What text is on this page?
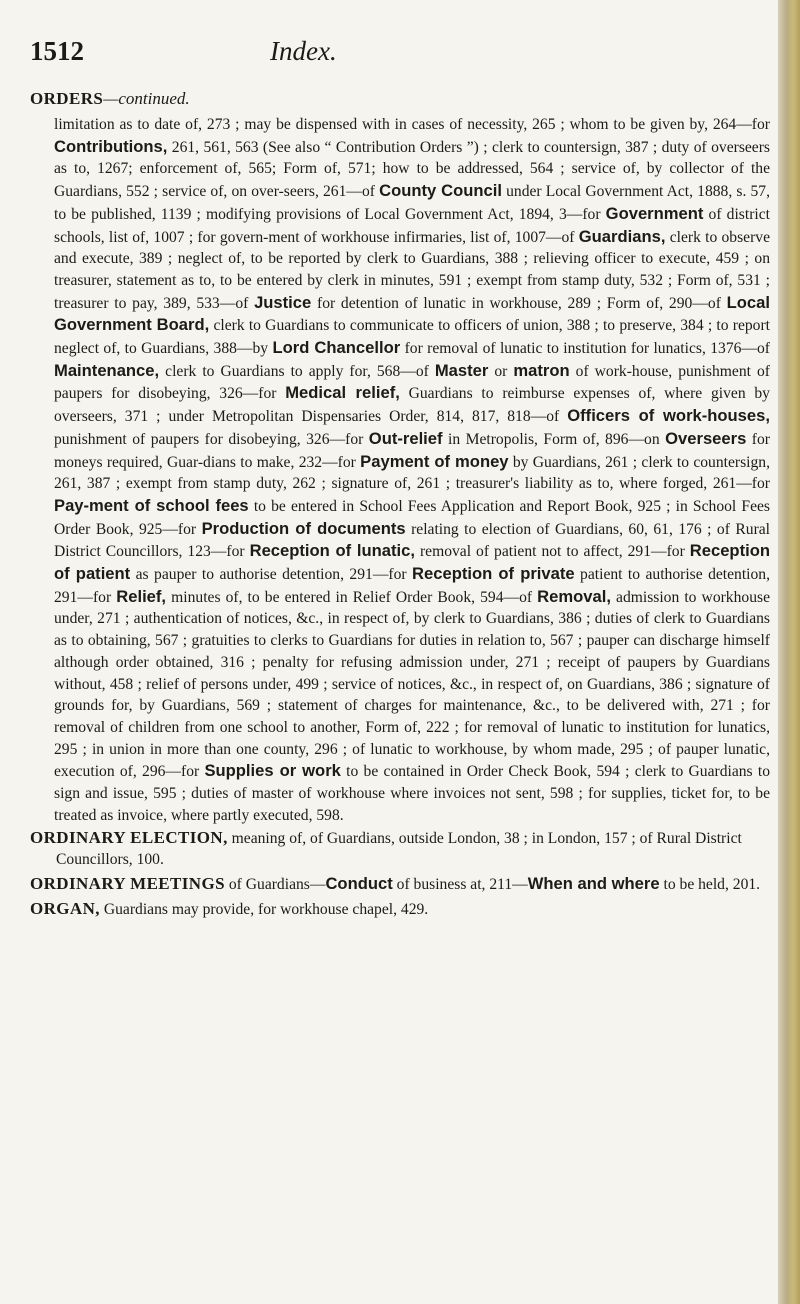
1512	Index.
ORDERS—continued.

limitation as to date of, 273 ; may be dispensed with in cases of necessity, 265 ; whom to be given by, 264—for Contributions, 261, 561, 563 (See also “ Contribution Orders ”) ; clerk to countersign, 387 ; duty of overseers as to, 1267; enforcement of, 565; Form of, 571; how to be addressed, 564 ; service of, by collector of the Guardians, 552 ; service of, on over-seers, 261—of County Council under Local Government Act, 1888, s. 57, to be published, 1139 ; modifying provisions of Local Government Act, 1894, 3—for Government of district schools, list of, 1007 ; for govern-ment of workhouse infirmaries, list of, 1007—of Guardians, clerk to observe and execute, 389 ; neglect of, to be reported by clerk to Guardians, 388 ; relieving officer to execute, 459 ; on treasurer, statement as to, to be entered by clerk in minutes, 591 ; exempt from stamp duty, 532 ; Form of, 531 ; treasurer to pay, 389, 533—of Justice for detention of lunatic in workhouse, 289 ; Form of, 290—of Local Government Board, clerk to Guardians to communicate to officers of union, 388 ; to preserve, 384 ; to report neglect of, to Guardians, 388—by Lord Chancellor for removal of lunatic to institution for lunatics, 1376—of Maintenance, clerk to Guardians to apply for, 568—of Master or matron of work-house, punishment of paupers for disobeying, 326—for Medical relief, Guardians to reimburse expenses of, where given by overseers, 371 ; under Metropolitan Dispensaries Order, 814, 817, 818—of Officers of work-houses, punishment of paupers for disobeying, 326—for Out-relief in Metropolis, Form of, 896—on Overseers for moneys required, Guar-dians to make, 232—for Payment of money by Guardians, 261 ; clerk to countersign, 261, 387 ; exempt from stamp duty, 262 ; signature of, 261 ; treasurer's liability as to, where forged, 261—for Pay-ment of school fees to be entered in School Fees Application and Report Book, 925 ; in School Fees Order Book, 925—for Production of documents relating to election of Guardians, 60, 61, 176 ; of Rural District Councillors, 123—for Reception of lunatic, removal of patient not to affect, 291—for Reception of patient as pauper to authorise detention, 291—for Reception of private patient to authorise detention, 291—for Relief, minutes of, to be entered in Relief Order Book, 594—of Removal, admission to workhouse under, 271 ; authentication of notices, &c., in respect of, by clerk to Guardians, 386 ; duties of clerk to Guardians as to obtaining, 567 ; gratuities to clerks to Guardians for duties in relation to, 567 ; pauper can discharge himself although order obtained, 316 ; penalty for refusing admission under, 271 ; receipt of paupers by Guardians without, 458 ; relief of persons under, 499 ; service of notices, &c., in respect of, on Guardians, 386 ; signature of grounds for, by Guardians, 569 ; statement of charges for maintenance, &c., to be delivered with, 271 ; for removal of children from one school to another, Form of, 222 ; for removal of lunatic to institution for lunatics, 295 ; in union in more than one county, 296 ; of lunatic to workhouse, by whom made, 295 ; of pauper lunatic, execution of, 296—for Supplies or work to be contained in Order Check Book, 594 ; clerk to Guardians to sign and issue, 595 ; duties of master of workhouse where invoices not sent, 598 ; for supplies, ticket for, to be treated as invoice, where partly executed, 598.

ORDINARY ELECTION, meaning of, of Guardians, outside London, 38 ; in London, 157 ; of Rural District Councillors, 100.

ORDINARY MEETINGS of Guardians—Conduct of business at, 211—When and where to be held, 201.

ORGAN, Guardians may provide, for workhouse chapel, 429.
